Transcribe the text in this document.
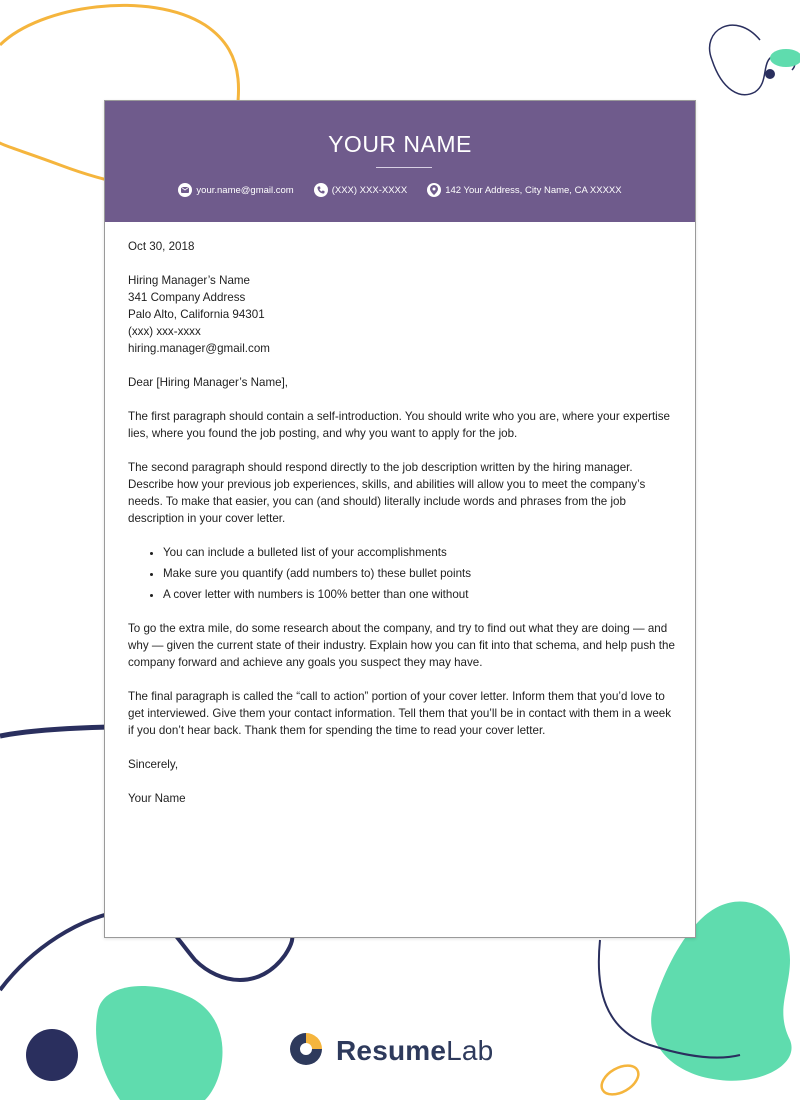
YOUR NAME
your.name@gmail.com	(XXX) XXX-XXXX	142 Your Address, City Name, CA XXXXX

Oct 30, 2018

Hiring Manager’s Name

341 Company Address

Palo Alto, California 94301

(xxx) xxx-xxxx

hiring.manager@gmail.com

Dear [Hiring Manager’s Name],

The first paragraph should contain a self-introduction. You should write who you are, where your expertise lies, where you found the job posting, and why you want to apply for the job.

The second paragraph should respond directly to the job description written by the hiring manager. Describe how your previous job experiences, skills, and abilities will allow you to meet the company’s needs. To make that easier, you can (and should) literally include words and phrases from the job description in your cover letter.

• You can include a bulleted list of your accomplishments
• Make sure you quantify (add numbers to) these bullet points
• A cover letter with numbers is 100% better than one without

To go the extra mile, do some research about the company, and try to find out what they are doing — and why — given the current state of their industry. Explain how you can fit into that schema, and help push the company forward and achieve any goals you suspect they may have.

The final paragraph is called the “call to action” portion of your cover letter. Inform them that you’d love to get interviewed. Give them your contact information. Tell them that you’ll be in contact with them in a week if you don’t hear back. Thank them for spending the time to read your cover letter.

Sincerely,

Your Name

ResumeLab
